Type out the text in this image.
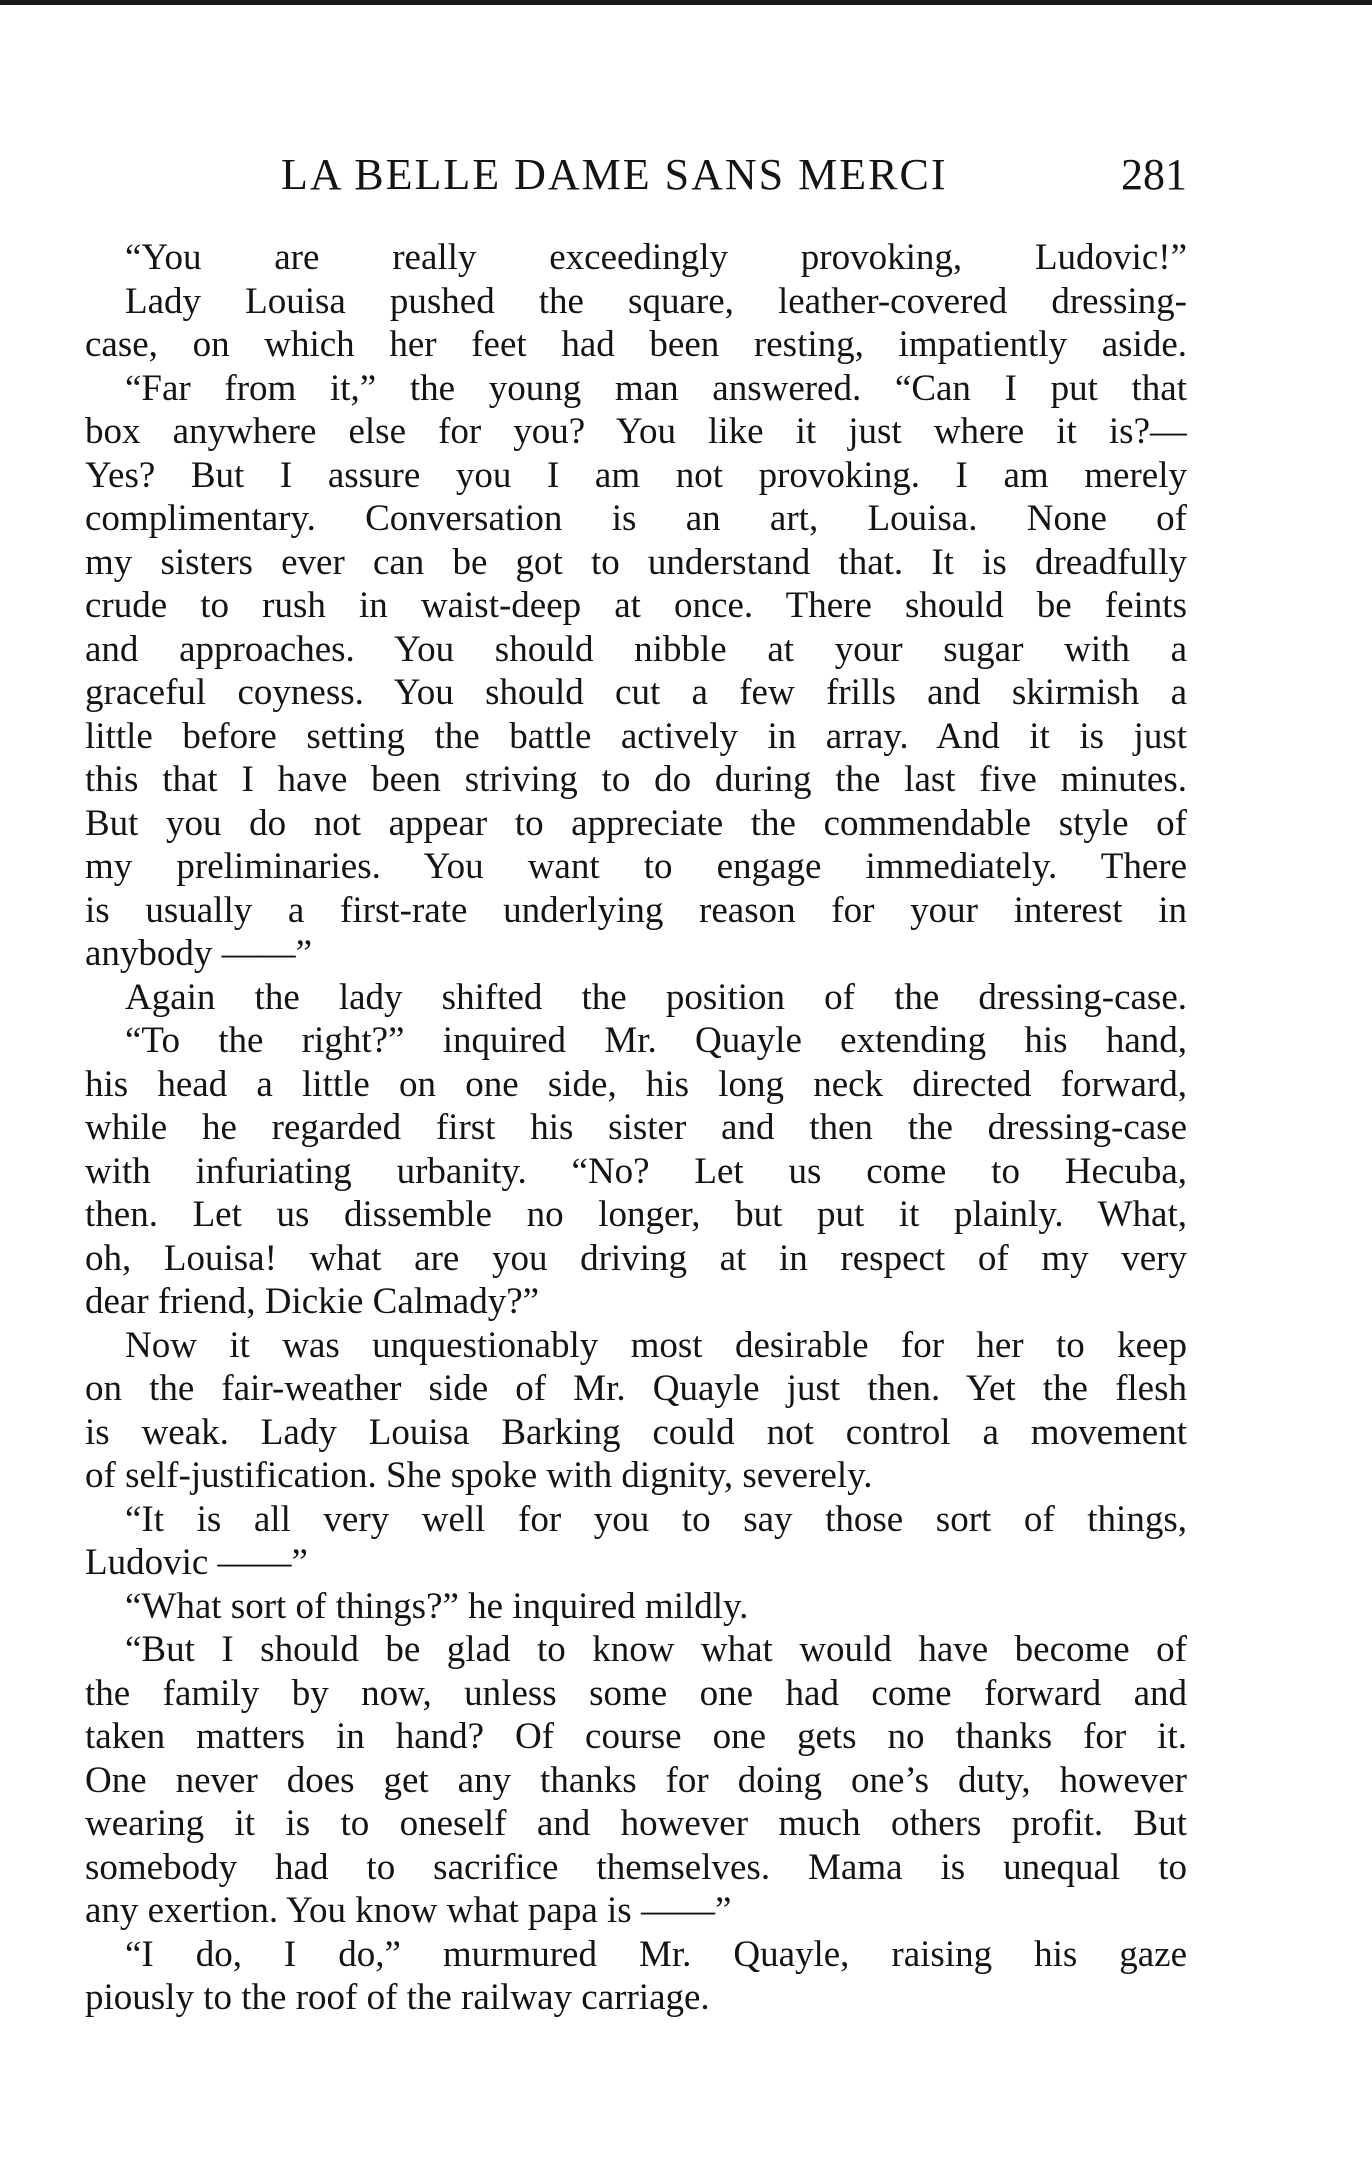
LA BELLE DAME SANS MERCI	281
“You are really exceedingly provoking, Ludovic!”
Lady Louisa pushed the square, leather-covered dressing-
case, on which her feet had been resting, impatiently aside.
“Far from it,” the young man answered. “Can I put that
box anywhere else for you? You like it just where it is?—
Yes? But I assure you I am not provoking. I am merely
complimentary. Conversation is an art, Louisa. None of
my sisters ever can be got to understand that. It is dreadfully
crude to rush in waist-deep at once. There should be feints
and approaches. You should nibble at your sugar with a
graceful coyness. You should cut a few frills and skirmish a
little before setting the battle actively in array. And it is just
this that I have been striving to do during the last five minutes.
But you do not appear to appreciate the commendable style of
my preliminaries. You want to engage immediately. There
is usually a first-rate underlying reason for your interest in
anybody ——”
Again the lady shifted the position of the dressing-case.
“To the right?” inquired Mr. Quayle extending his hand,
his head a little on one side, his long neck directed forward,
while he regarded first his sister and then the dressing-case
with infuriating urbanity. “No? Let us come to Hecuba,
then. Let us dissemble no longer, but put it plainly. What,
oh, Louisa! what are you driving at in respect of my very
dear friend, Dickie Calmady?”
Now it was unquestionably most desirable for her to keep
on the fair-weather side of Mr. Quayle just then. Yet the flesh
is weak. Lady Louisa Barking could not control a movement
of self-justification. She spoke with dignity, severely.
“It is all very well for you to say those sort of things,
Ludovic ——”
“What sort of things?” he inquired mildly.
“But I should be glad to know what would have become of
the family by now, unless some one had come forward and
taken matters in hand? Of course one gets no thanks for it.
One never does get any thanks for doing one’s duty, however
wearing it is to oneself and however much others profit. But
somebody had to sacrifice themselves. Mama is unequal to
any exertion. You know what papa is ——”
“I do, I do,” murmured Mr. Quayle, raising his gaze
piously to the roof of the railway carriage.
